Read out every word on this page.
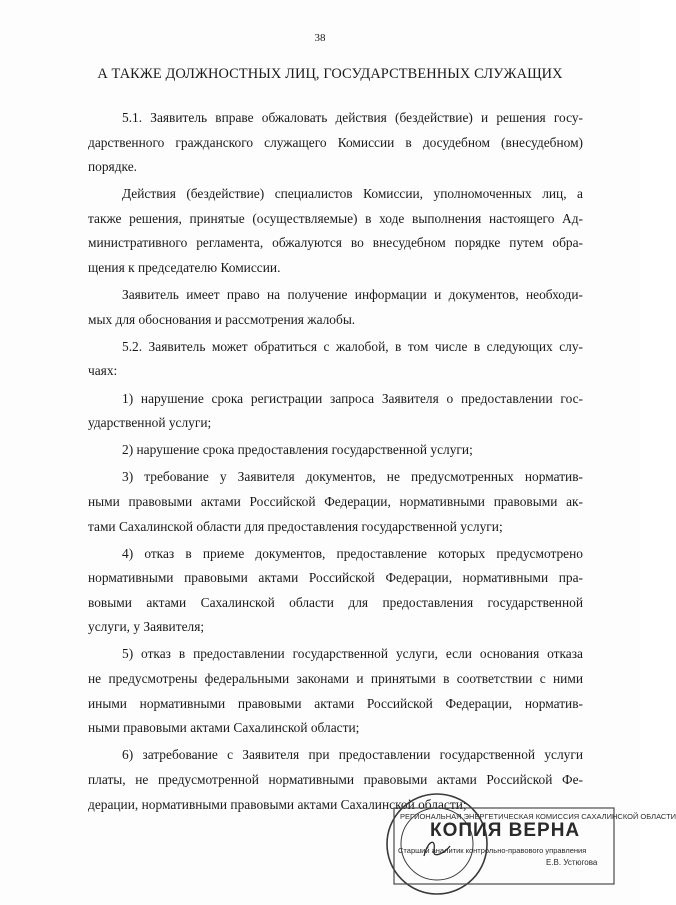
38
А ТАКЖЕ ДОЛЖНОСТНЫХ ЛИЦ, ГОСУДАРСТВЕННЫХ СЛУЖАЩИХ
5.1. Заявитель вправе обжаловать действия (бездействие) и решения госу-
дарственного гражданского служащего Комиссии в досудебном (внесудебном)
порядке.
Действия (бездействие) специалистов Комиссии, уполномоченных лиц, а
также решения, принятые (осуществляемые) в ходе выполнения настоящего Ад-
министративного регламента, обжалуются во внесудебном порядке путем обра-
щения к председателю Комиссии.
Заявитель имеет право на получение информации и документов, необходи-
мых для обоснования и рассмотрения жалобы.
5.2. Заявитель может обратиться с жалобой, в том числе в следующих слу-
чаях:
1) нарушение срока регистрации запроса Заявителя о предоставлении гос-
ударственной услуги;
2) нарушение срока предоставления государственной услуги;
3) требование у Заявителя документов, не предусмотренных норматив-
ными правовыми актами Российской Федерации, нормативными правовыми ак-
тами Сахалинской области для предоставления государственной услуги;
4) отказ в приеме документов, предоставление которых предусмотрено
нормативными правовыми актами Российской Федерации, нормативными пра-
вовыми актами Сахалинской области для предоставления государственной
услуги, у Заявителя;
5) отказ в предоставлении государственной услуги, если основания отказа
не предусмотрены федеральными законами и принятыми в соответствии с ними
иными нормативными правовыми актами Российской Федерации, норматив-
ными правовыми актами Сахалинской области;
6) затребование с Заявителя при предоставлении государственной услуги
платы, не предусмотренной нормативными правовыми актами Российской Фе-
дерации, нормативными правовыми актами Сахалинской области;
РЕГИОНАЛЬНАЯ ЭНЕРГЕТИЧЕСКАЯ КОМИССИЯ САХАЛИНСКОЙ ОБЛАСТИ
КОПИЯ ВЕРНА
Старший аналитик контрольно-правового управления
Е.В. Устюгова
